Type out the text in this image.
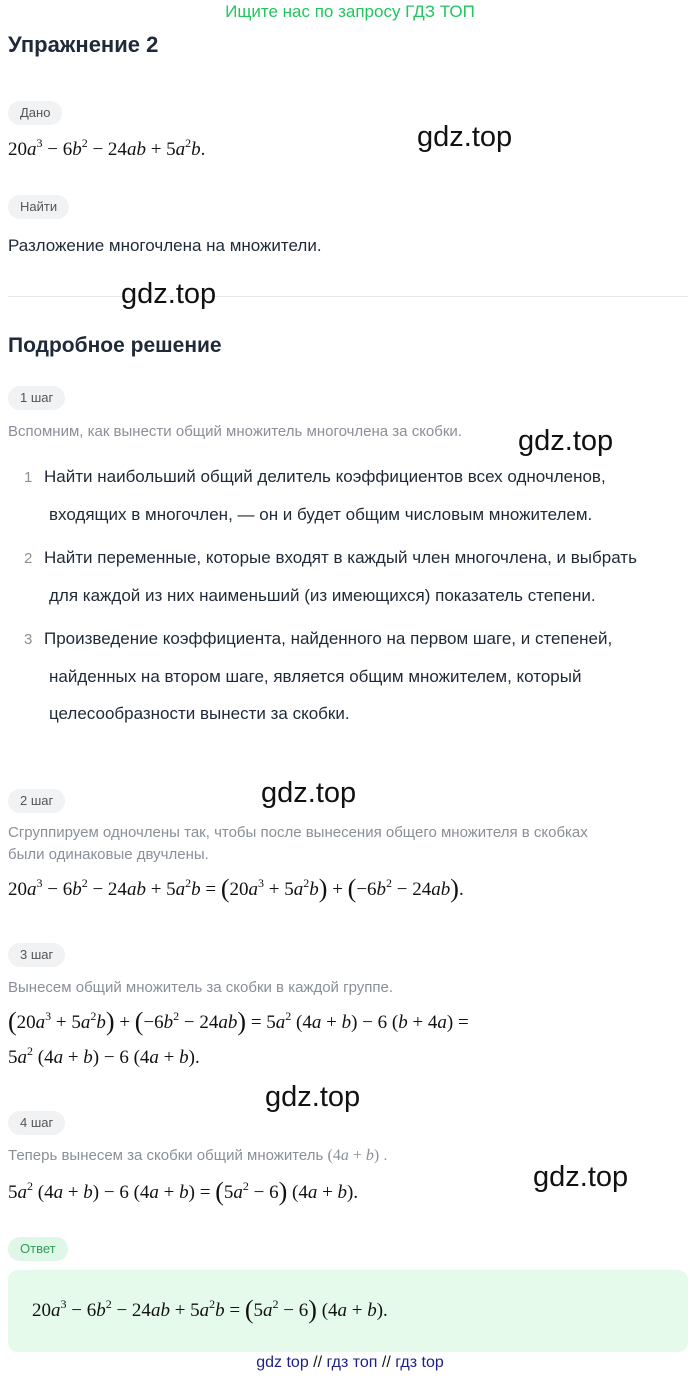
Ищите нас по запросу ГДЗ ТОП
Упражнение 2
Дано
$20a^3 - 6b^2 - 24ab + 5a^2b$.	gdz.top
Найти
Разложение многочлена на множители.
gdz.top
Подробное решение
1 шаг
Вспомним, как вынести общий множитель многочлена за скобки. gdz.top
1 Найти наибольший общий делитель коэффициентов всех одночленов,
входящих в многочлен, — он и будет общим числовым множителем.
2 Найти переменные, которые входят в каждый член многочлена, и выбрать
для каждой из них наименьший (из имеющихся) показатель степени.
3 Произведение коэффициента, найденного на первом шаге, и степеней,
найденных на втором шаге, является общим множителем, который
целесообразности вынести за скобки.
gdz.top
2 шаг
Сгруппируем одночлены так, чтобы после вынесения общего множителя в скобках
были одинаковые двучлены.
$20a^3 - 6b^2 - 24ab + 5a^2b = (20a^3 + 5a^2b) + (-6b^2 - 24ab)$.
3 шаг
Вынесем общий множитель за скобки в каждой группе.
$(20a^3 + 5a^2b) + (-6b^2 - 24ab) = 5a^2$ (4a + b) − 6 (b + 4a) =
$5a^2$ (4a + b) − 6 (4a + b).
gdz.top
4 шаг
Теперь вынесем за скобки общий множитель (4a + b) .
$5a^2$ (4a + b) − 6 $(4a + b) = (5a^2 - 6) (4a + b)$.	gdz.top
Ответ
$20a^3 - 6b^2 - 24ab + 5a^2b = (5a^2 - 6) (4a + b)$.
gdz top // гдз топ // гдз top
